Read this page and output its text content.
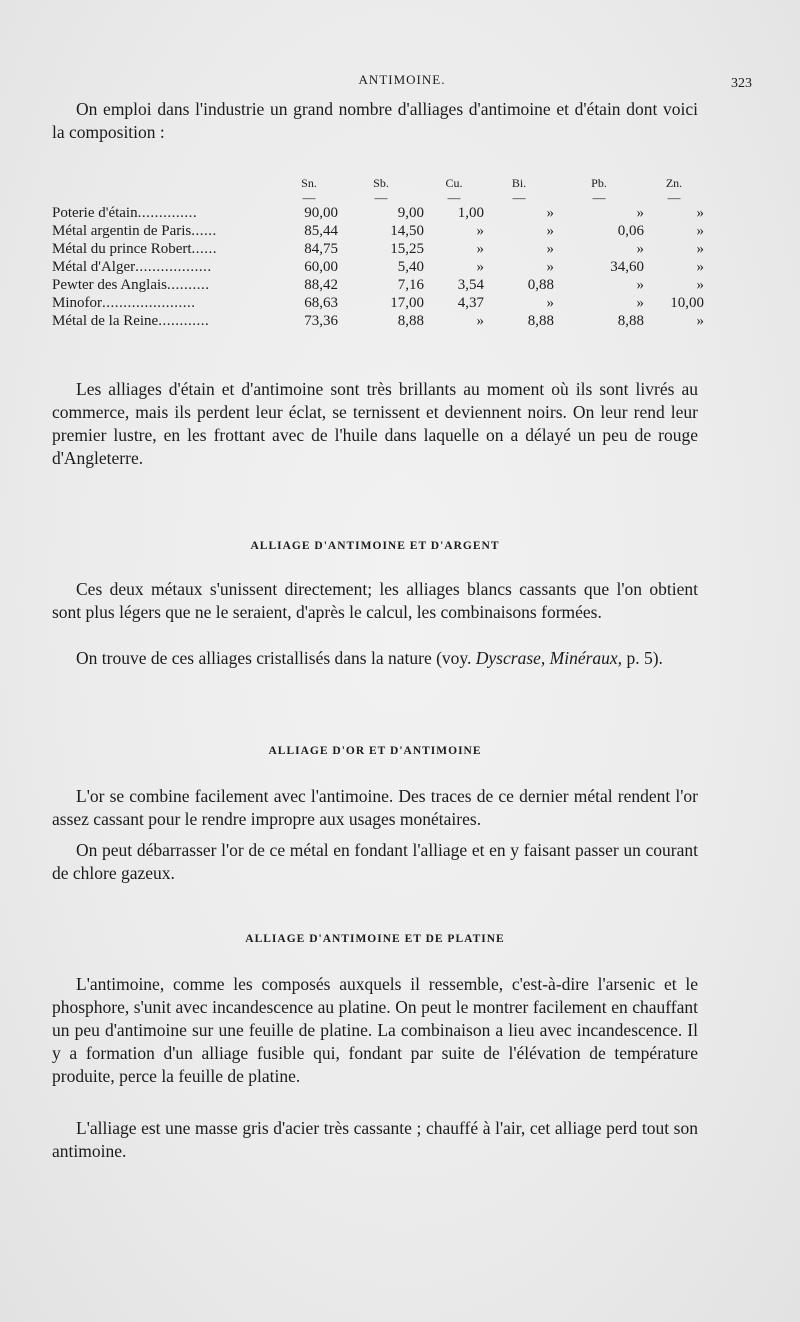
ANTIMOINE.	323

On emploi dans l'industrie un grand nombre d'alliages d'antimoine et d'étain dont voici la composition :

	Sn.	Sb.	Cu.	Bi.	Pb.	Zn.
	—	—	—	—	—	—
Poterie d'étain..............	90,00	9,00	1,00	»	»	»
Métal argentin de Paris......	85,44	14,50	»	»	0,06	»
Métal du prince Robert......	84,75	15,25	»	»	»	»
Métal d'Alger..................	60,00	5,40	»	»	34,60	»
Pewter des Anglais..........	88,42	7,16	3,54	0,88	»	»
Minofor......................	68,63	17,00	4,37	»	»	10,00
Métal de la Reine............	73,36	8,88	»	8,88	8,88	»

Les alliages d'étain et d'antimoine sont très brillants au moment où ils sont livrés au commerce, mais ils perdent leur éclat, se ternissent et deviennent noirs. On leur rend leur premier lustre, en les frottant avec de l'huile dans laquelle on a délayé un peu de rouge d'Angleterre.

ALLIAGE D'ANTIMOINE ET D'ARGENT

Ces deux métaux s'unissent directement; les alliages blancs cassants que l'on obtient sont plus légers que ne le seraient, d'après le calcul, les combinaisons formées.

On trouve de ces alliages cristallisés dans la nature (voy. Dyscrase, Minéraux, p. 5).

ALLIAGE D'OR ET D'ANTIMOINE

L'or se combine facilement avec l'antimoine. Des traces de ce dernier métal rendent l'or assez cassant pour le rendre impropre aux usages monétaires.

On peut débarrasser l'or de ce métal en fondant l'alliage et en y faisant passer un courant de chlore gazeux.

ALLIAGE D'ANTIMOINE ET DE PLATINE

L'antimoine, comme les composés auxquels il ressemble, c'est-à-dire l'arsenic et le phosphore, s'unit avec incandescence au platine. On peut le montrer facilement en chauffant un peu d'antimoine sur une feuille de platine. La combinaison a lieu avec incandescence. Il y a formation d'un alliage fusible qui, fondant par suite de l'élévation de température produite, perce la feuille de platine.

L'alliage est une masse gris d'acier très cassante ; chauffé à l'air, cet alliage perd tout son antimoine.
